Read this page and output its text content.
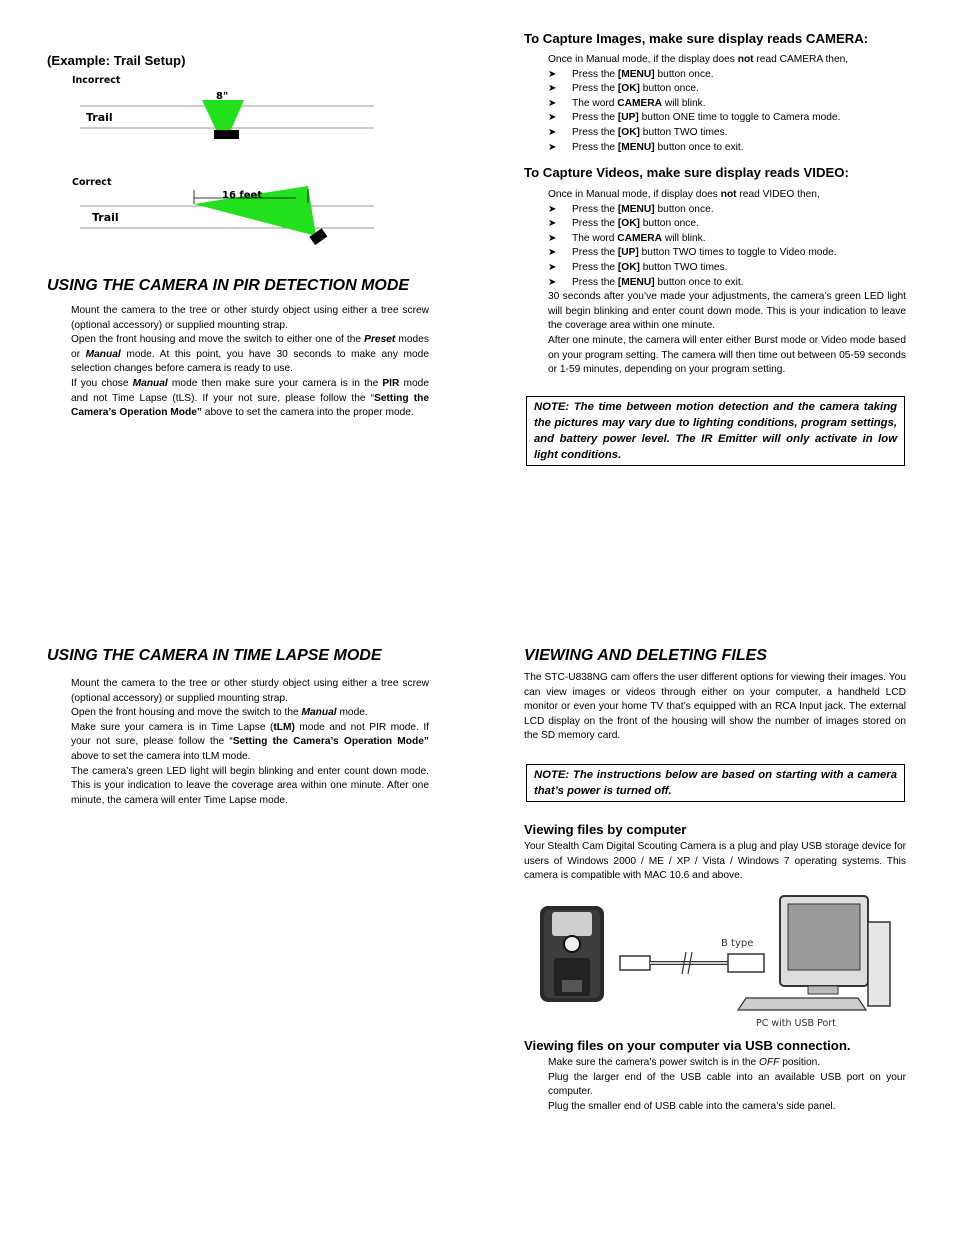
(Example: Trail Setup)
Incorrect
Trail
8"
Correct
Trail
16 feet
USING THE CAMERA IN PIR DETECTION MODE

Mount the camera to the tree or other sturdy object using either a tree screw (optional accessory) or supplied mounting strap.

Open the front housing and move the switch to either one of the Preset modes or Manual mode. At this point, you have 30 seconds to make any mode selection changes before camera is ready to use.

If you chose Manual mode then make sure your camera is in the PIR mode and not Time Lapse (tLS). If your not sure, please follow the “Setting the Camera’s Operation Mode” above to set the camera into the proper mode.

USING THE CAMERA IN TIME LAPSE MODE

Mount the camera to the tree or other sturdy object using either a tree screw (optional accessory) or supplied mounting strap.

Open the front housing and move the switch to the Manual mode.

Make sure your camera is in Time Lapse (tLM) mode and not PIR mode. If your not sure, please follow the “Setting the Camera’s Operation Mode” above to set the camera into tLM mode.

The camera’s green LED light will begin blinking and enter count down mode. This is your indication to leave the coverage area within one minute. After one minute, the camera will enter Time Lapse mode.

To Capture Images, make sure display reads CAMERA:

Once in Manual mode, if the display does not read CAMERA then,

➤ Press the [MENU] button once.
➤ Press the [OK] button once.
➤ The word CAMERA will blink.
➤ Press the [UP] button ONE time to toggle to Camera mode.
➤ Press the [OK] button TWO times.
➤ Press the [MENU] button once to exit.
To Capture Videos, make sure display reads VIDEO:

Once in Manual mode, if display does not read VIDEO then,

➤ Press the [MENU] button once.
➤ Press the [OK] button once.
➤ The word CAMERA will blink.
➤ Press the [UP] button TWO times to toggle to Video mode.
➤ Press the [OK] button TWO times.
➤ Press the [MENU] button once to exit.

30 seconds after you’ve made your adjustments, the camera’s green LED light will begin blinking and enter count down mode. This is your indication to leave the coverage area within one minute.

After one minute, the camera will enter either Burst mode or Video mode based on your program setting. The camera will then time out between 05-59 seconds or 1-59 minutes, depending on your program setting.

NOTE: The time between motion detection and the camera taking the pictures may vary due to lighting conditions, program settings, and battery power level. The IR Emitter will only activate in low light conditions.
VIEWING AND DELETING FILES

The STC-U838NG cam offers the user different options for viewing their images. You can view images or videos through either on your computer, a handheld LCD monitor or even your home TV that’s equipped with an RCA Input jack. The external LCD display on the front of the housing will show the number of images stored on the SD memory card.

NOTE: The instructions below are based on starting with a camera that’s power is turned off.
Viewing files by computer

Your Stealth Cam Digital Scouting Camera is a plug and play USB storage device for users of Windows 2000 / ME / XP / Vista / Windows 7 operating systems. This camera is compatible with MAC 10.6 and above.

⋯
B type
PC with USB Port
Viewing files on your computer via USB connection.

Make sure the camera’s power switch is in the OFF position.

Plug the larger end of the USB cable into an available USB port on your computer.

Plug the smaller end of USB cable into the camera’s side panel.
